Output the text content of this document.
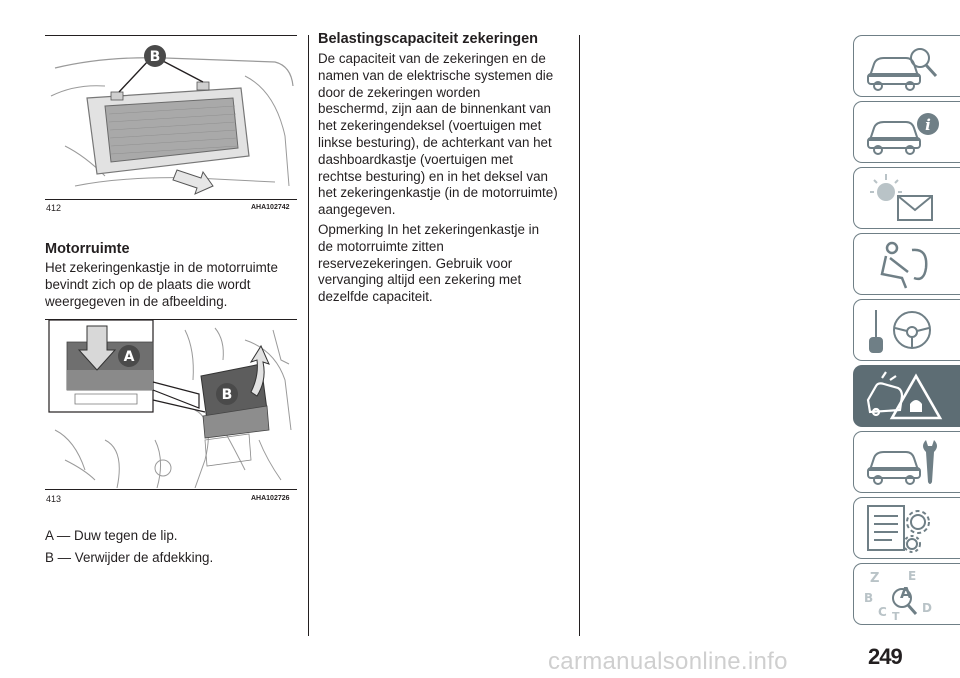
B
412	AHA102742
Motorruimte
Het zekeringenkastje in de motorruimte
bevindt zich op de plaats die wordt
weergegeven in de afbeelding.
A
B
413	AHA102726
A — Duw tegen de lip.
B — Verwijder de afdekking.
Belastingscapaciteit zekeringen
De capaciteit van de zekeringen en de
namen van de elektrische systemen die
door de zekeringen worden
beschermd, zijn aan de binnenkant van
het zekeringendeksel (voertuigen met
linkse besturing), de achterkant van het
dashboardkastje (voertuigen met
rechtse besturing) en in het deksel van
het zekeringenkastje (in de motorruimte)
aangegeven.
Opmerking In het zekeringenkastje in
de motorruimte zitten
reservezekeringen. Gebruik voor
vervanging altijd een zekering met
dezelfde capaciteit.
i
Z E
B A
C	D
T
249
carmanualsonline.info
